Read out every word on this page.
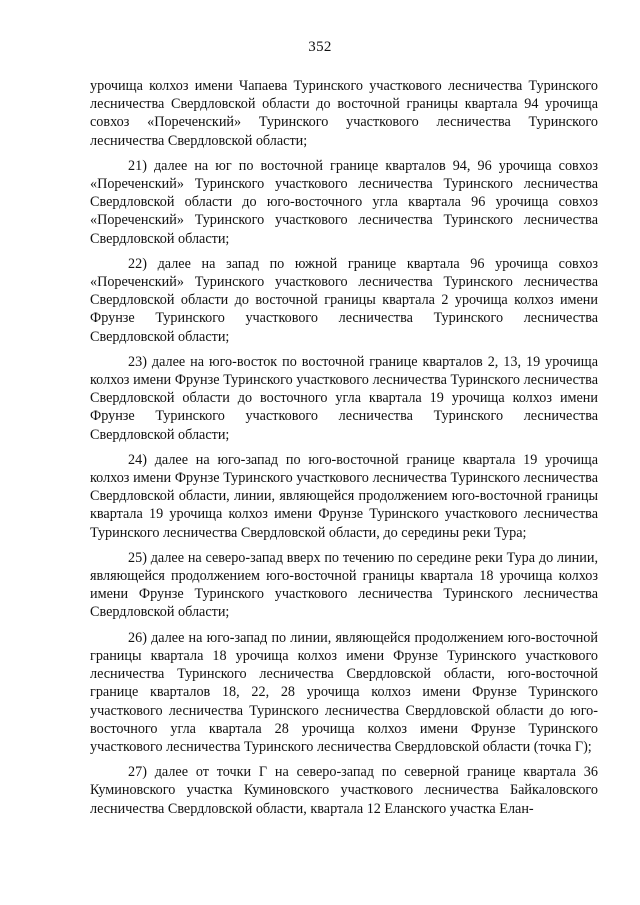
352

урочища колхоз имени Чапаева Туринского участкового лесничества Туринского лесничества Свердловской области до восточной границы квартала 94 урочища совхоз «Пореченский» Туринского участкового лесничества Туринского лесничества Свердловской области;

21) далее на юг по восточной границе кварталов 94, 96 урочища совхоз «Пореченский» Туринского участкового лесничества Туринского лесничества Свердловской области до юго-восточного угла квартала 96 урочища совхоз «Пореченский» Туринского участкового лесничества Туринского лесничества Свердловской области;

22) далее на запад по южной границе квартала 96 урочища совхоз «Пореченский» Туринского участкового лесничества Туринского лесничества Свердловской области до восточной границы квартала 2 урочища колхоз имени Фрунзе Туринского участкового лесничества Туринского лесничества Свердловской области;

23) далее на юго-восток по восточной границе кварталов 2, 13, 19 урочища колхоз имени Фрунзе Туринского участкового лесничества Туринского лесничества Свердловской области до восточного угла квартала 19 урочища колхоз имени Фрунзе Туринского участкового лесничества Туринского лесничества Свердловской области;

24) далее на юго-запад по юго-восточной границе квартала 19 урочища колхоз имени Фрунзе Туринского участкового лесничества Туринского лесничества Свердловской области, линии, являющейся продолжением юго-восточной границы квартала 19 урочища колхоз имени Фрунзе Туринского участкового лесничества Туринского лесничества Свердловской области, до середины реки Тура;

25) далее на северо-запад вверх по течению по середине реки Тура до линии, являющейся продолжением юго-восточной границы квартала 18 урочища колхоз имени Фрунзе Туринского участкового лесничества Туринского лесничества Свердловской области;

26) далее на юго-запад по линии, являющейся продолжением юго-восточной границы квартала 18 урочища колхоз имени Фрунзе Туринского участкового лесничества Туринского лесничества Свердловской области, юго-восточной границе кварталов 18, 22, 28 урочища колхоз имени Фрунзе Туринского участкового лесничества Туринского лесничества Свердловской области до юго-восточного угла квартала 28 урочища колхоз имени Фрунзе Туринского участкового лесничества Туринского лесничества Свердловской области (точка Г);

27) далее от точки Г на северо-запад по северной границе квартала 36 Куминовского участка Куминовского участкового лесничества Байкаловского лесничества Свердловской области, квартала 12 Еланского участка Елан-
